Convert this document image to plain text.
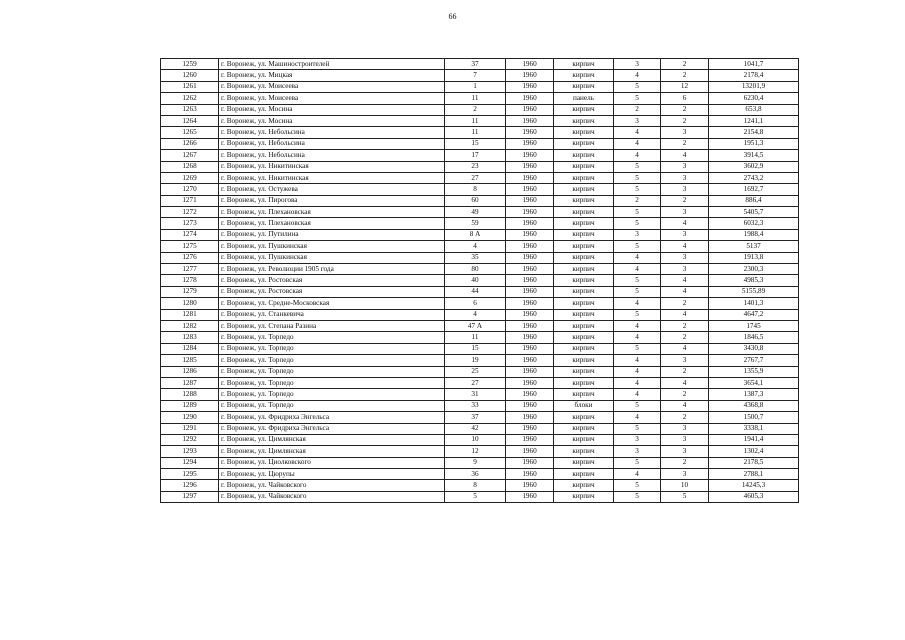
66
1259	г. Воронеж, ул. Машиностроителей	37	1960	кирпич	3	2	1041,7
1260	г. Воронеж, ул. Мицкая	7	1960	кирпич	4	2	2178,4
1261	г. Воронеж, ул. Моисеева	1	1960	кирпич	5	12	13201,9
1262	г. Воронеж, ул. Моисеева	11	1960	панель	5	6	6230,4
1263	г. Воронеж, ул. Мосина	2	1960	кирпич	2	2	653,8
1264	г. Воронеж, ул. Мосина	11	1960	кирпич	3	2	1241,1
1265	г. Воронеж, ул. Небольсина	11	1960	кирпич	4	3	2154,8
1266	г. Воронеж, ул. Небольсина	15	1960	кирпич	4	2	1951,3
1267	г. Воронеж, ул. Небольсина	17	1960	кирпич	4	4	3914,5
1268	г. Воронеж, ул. Никитинская	23	1960	кирпич	5	3	3602,9
1269	г. Воронеж, ул. Никитинская	27	1960	кирпич	5	3	2743,2
1270	г. Воронеж, ул. Остужева	8	1960	кирпич	5	3	1692,7
1271	г. Воронеж, ул. Пирогова	60	1960	кирпич	2	2	886,4
1272	г. Воронеж, ул. Плехановская	49	1960	кирпич	5	3	5405,7
1273	г. Воронеж, ул. Плехановская	59	1960	кирпич	5	4	6032,3
1274	г. Воронеж, ул. Путилина	8 А	1960	кирпич	3	3	1988,4
1275	г. Воронеж, ул. Пушкинская	4	1960	кирпич	5	4	5137
1276	г. Воронеж, ул. Пушкинская	35	1960	кирпич	4	3	1913,8
1277	г. Воронеж, ул. Революции 1905 года	80	1960	кирпич	4	3	2300,3
1278	г. Воронеж, ул. Ростовская	40	1960	кирпич	5	4	4985,3
1279	г. Воронеж, ул. Ростовская	44	1960	кирпич	5	4	5155,89
1280	г. Воронеж, ул. Средне-Московская	6	1960	кирпич	4	2	1401,3
1281	г. Воронеж, ул. Станкевича	4	1960	кирпич	5	4	4647,2
1282	г. Воронеж, ул. Степана Разина	47 А	1960	кирпич	4	2	1745
1283	г. Воронеж, ул. Торпедо	11	1960	кирпич	4	2	1846,5
1284	г. Воронеж, ул. Торпедо	15	1960	кирпич	5	4	3430,8
1285	г. Воронеж, ул. Торпедо	19	1960	кирпич	4	3	2767,7
1286	г. Воронеж, ул. Торпедо	25	1960	кирпич	4	2	1355,9
1287	г. Воронеж, ул. Торпедо	27	1960	кирпич	4	4	3654,1
1288	г. Воронеж, ул. Торпедо	31	1960	кирпич	4	2	1387,3
1289	г. Воронеж, ул. Торпедо	33	1960	блоки	5	4	4368,8
1290	г. Воронеж, ул. Фридриха Энгельса	37	1960	кирпич	4	2	1500,7
1291	г. Воронеж, ул. Фридриха Энгельса	42	1960	кирпич	5	3	3338,1
1292	г. Воронеж, ул. Цимлянская	10	1960	кирпич	3	3	1941,4
1293	г. Воронеж, ул. Цимлянская	12	1960	кирпич	3	3	1302,4
1294	г. Воронеж, ул. Циолковского	9	1960	кирпич	5	2	2178,5
1295	г. Воронеж, ул. Цюрупы	36	1960	кирпич	4	3	2788,1
1296	г. Воронеж, ул. Чайковского	8	1960	кирпич	5	10	14245,3
1297	г. Воронеж, ул. Чайковского	5	1960	кирпич	5	5	4605,3
